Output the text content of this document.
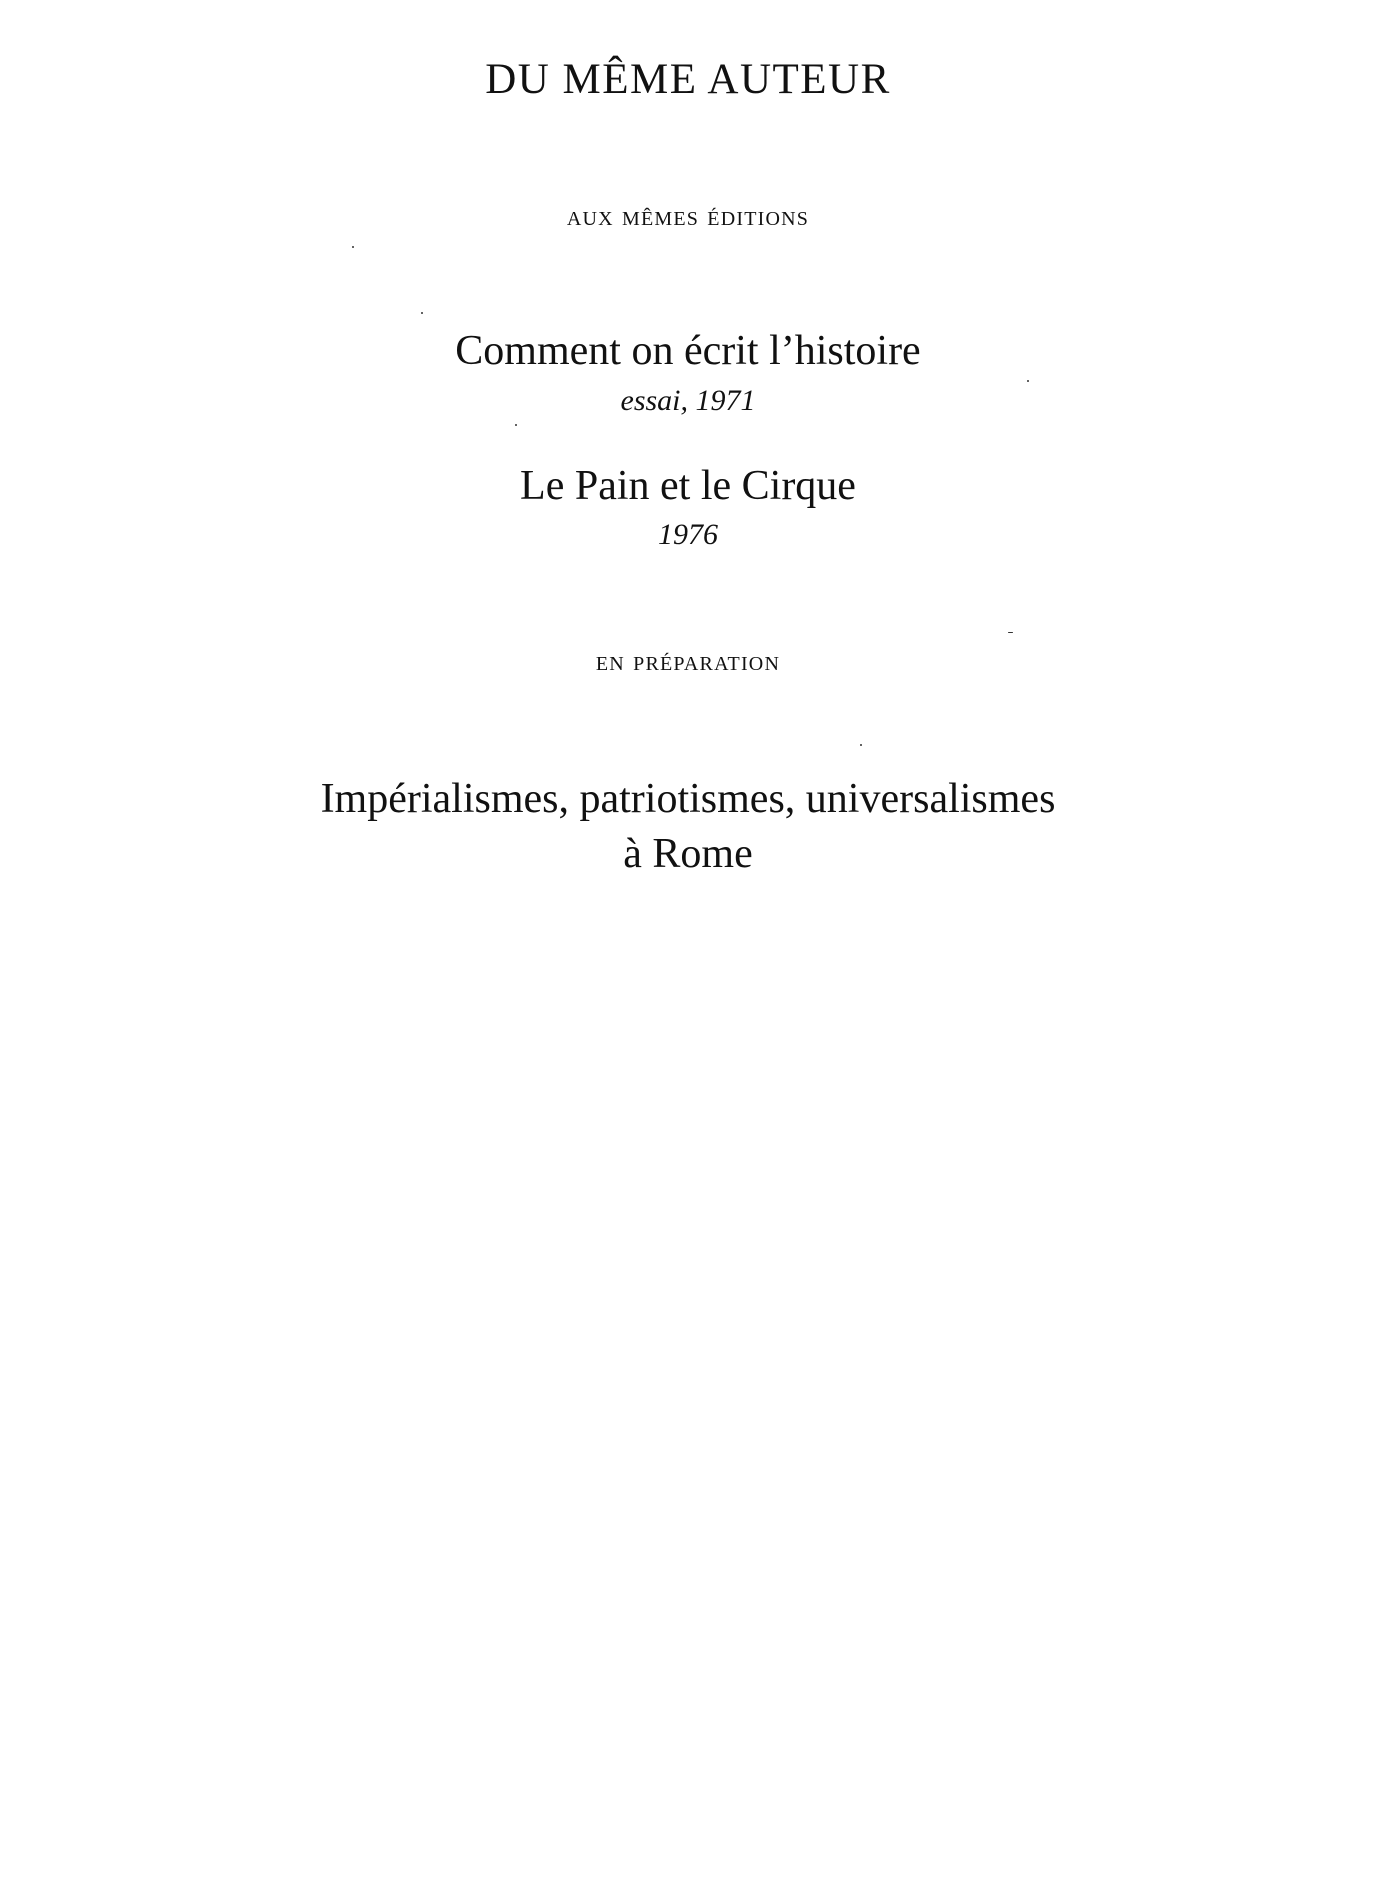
DU MÊME AUTEUR
aux mêmes éditions
Comment on écrit l’histoire
essai, 1971
Le Pain et le Cirque
1976
en préparation
Impérialismes, patriotismes, universalismes
à Rome
